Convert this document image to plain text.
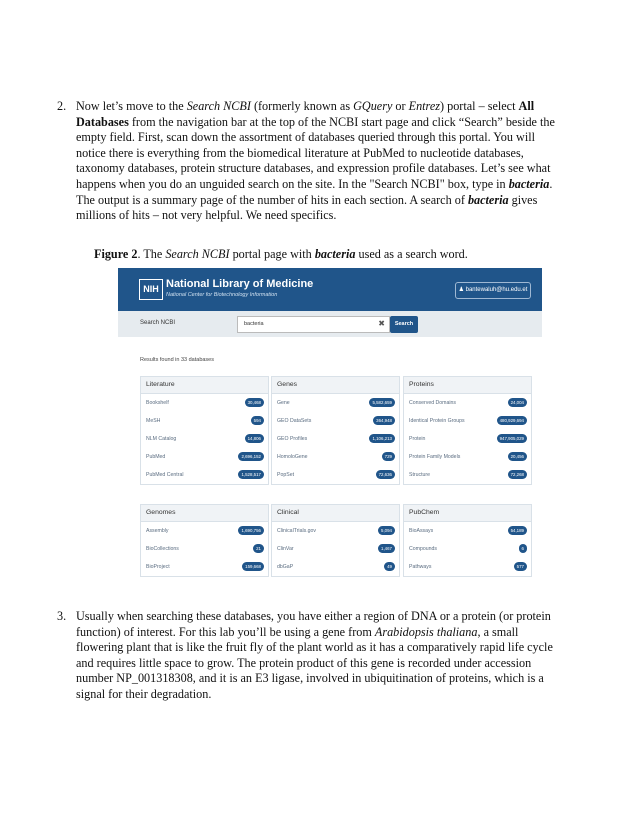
2. Now let’s move to the Search NCBI (formerly known as GQuery or Entrez) portal – select All Databases from the navigation bar at the top of the NCBI start page and click “Search” beside the empty field. First, scan down the assortment of databases queried through this portal. You will notice there is everything from the biomedical literature at PubMed to nucleotide databases, taxonomy databases, protein structure databases, and expression profile databases. Let’s see what happens when you do an unguided search on the site. In the "Search NCBI" box, type in bacteria. The output is a summary page of the number of hits in each section. A search of bacteria gives millions of hits – not very helpful. We need specifics.
Figure 2. The Search NCBI portal page with bacteria used as a search word.
NIH National Library of Medicine
National Center for Biotechnology Information
♟ bantewaluh@hu.edu.et
Search NCBI	bacteria	✖	Search
Results found in 33 databases
Literature
Bookshelf	30,468
MeSH	594
NLM Catalog	14,806
PubMed	2,696,152
PubMed Central	1,528,517
Genes
Gene	5,582,659
GEO DataSets	364,948
GEO Profiles	1,106,213
HomoloGene	729
PopSet	72,636
Proteins
Conserved Domains	24,004
Identical Protein Groups	480,929,694
Protein	947,905,029
Protein Family Models	20,456
Structure	72,268
Genomes
Assembly	1,690,756
BioCollections	21
BioProject	159,668
Clinical
ClinicalTrials.gov	5,094
ClinVar	1,467
dbGaP	49
PubChem
BioAssays	54,189
Compounds	6
Pathways	577
3. Usually when searching these databases, you have either a region of DNA or a protein (or protein function) of interest. For this lab you’ll be using a gene from Arabidopsis thaliana, a small flowering plant that is like the fruit fly of the plant world as it has a comparatively rapid life cycle and requires little space to grow. The protein product of this gene is recorded under accession number NP_001318308, and it is an E3 ligase, involved in ubiquitination of proteins, which is a signal for their degradation.
